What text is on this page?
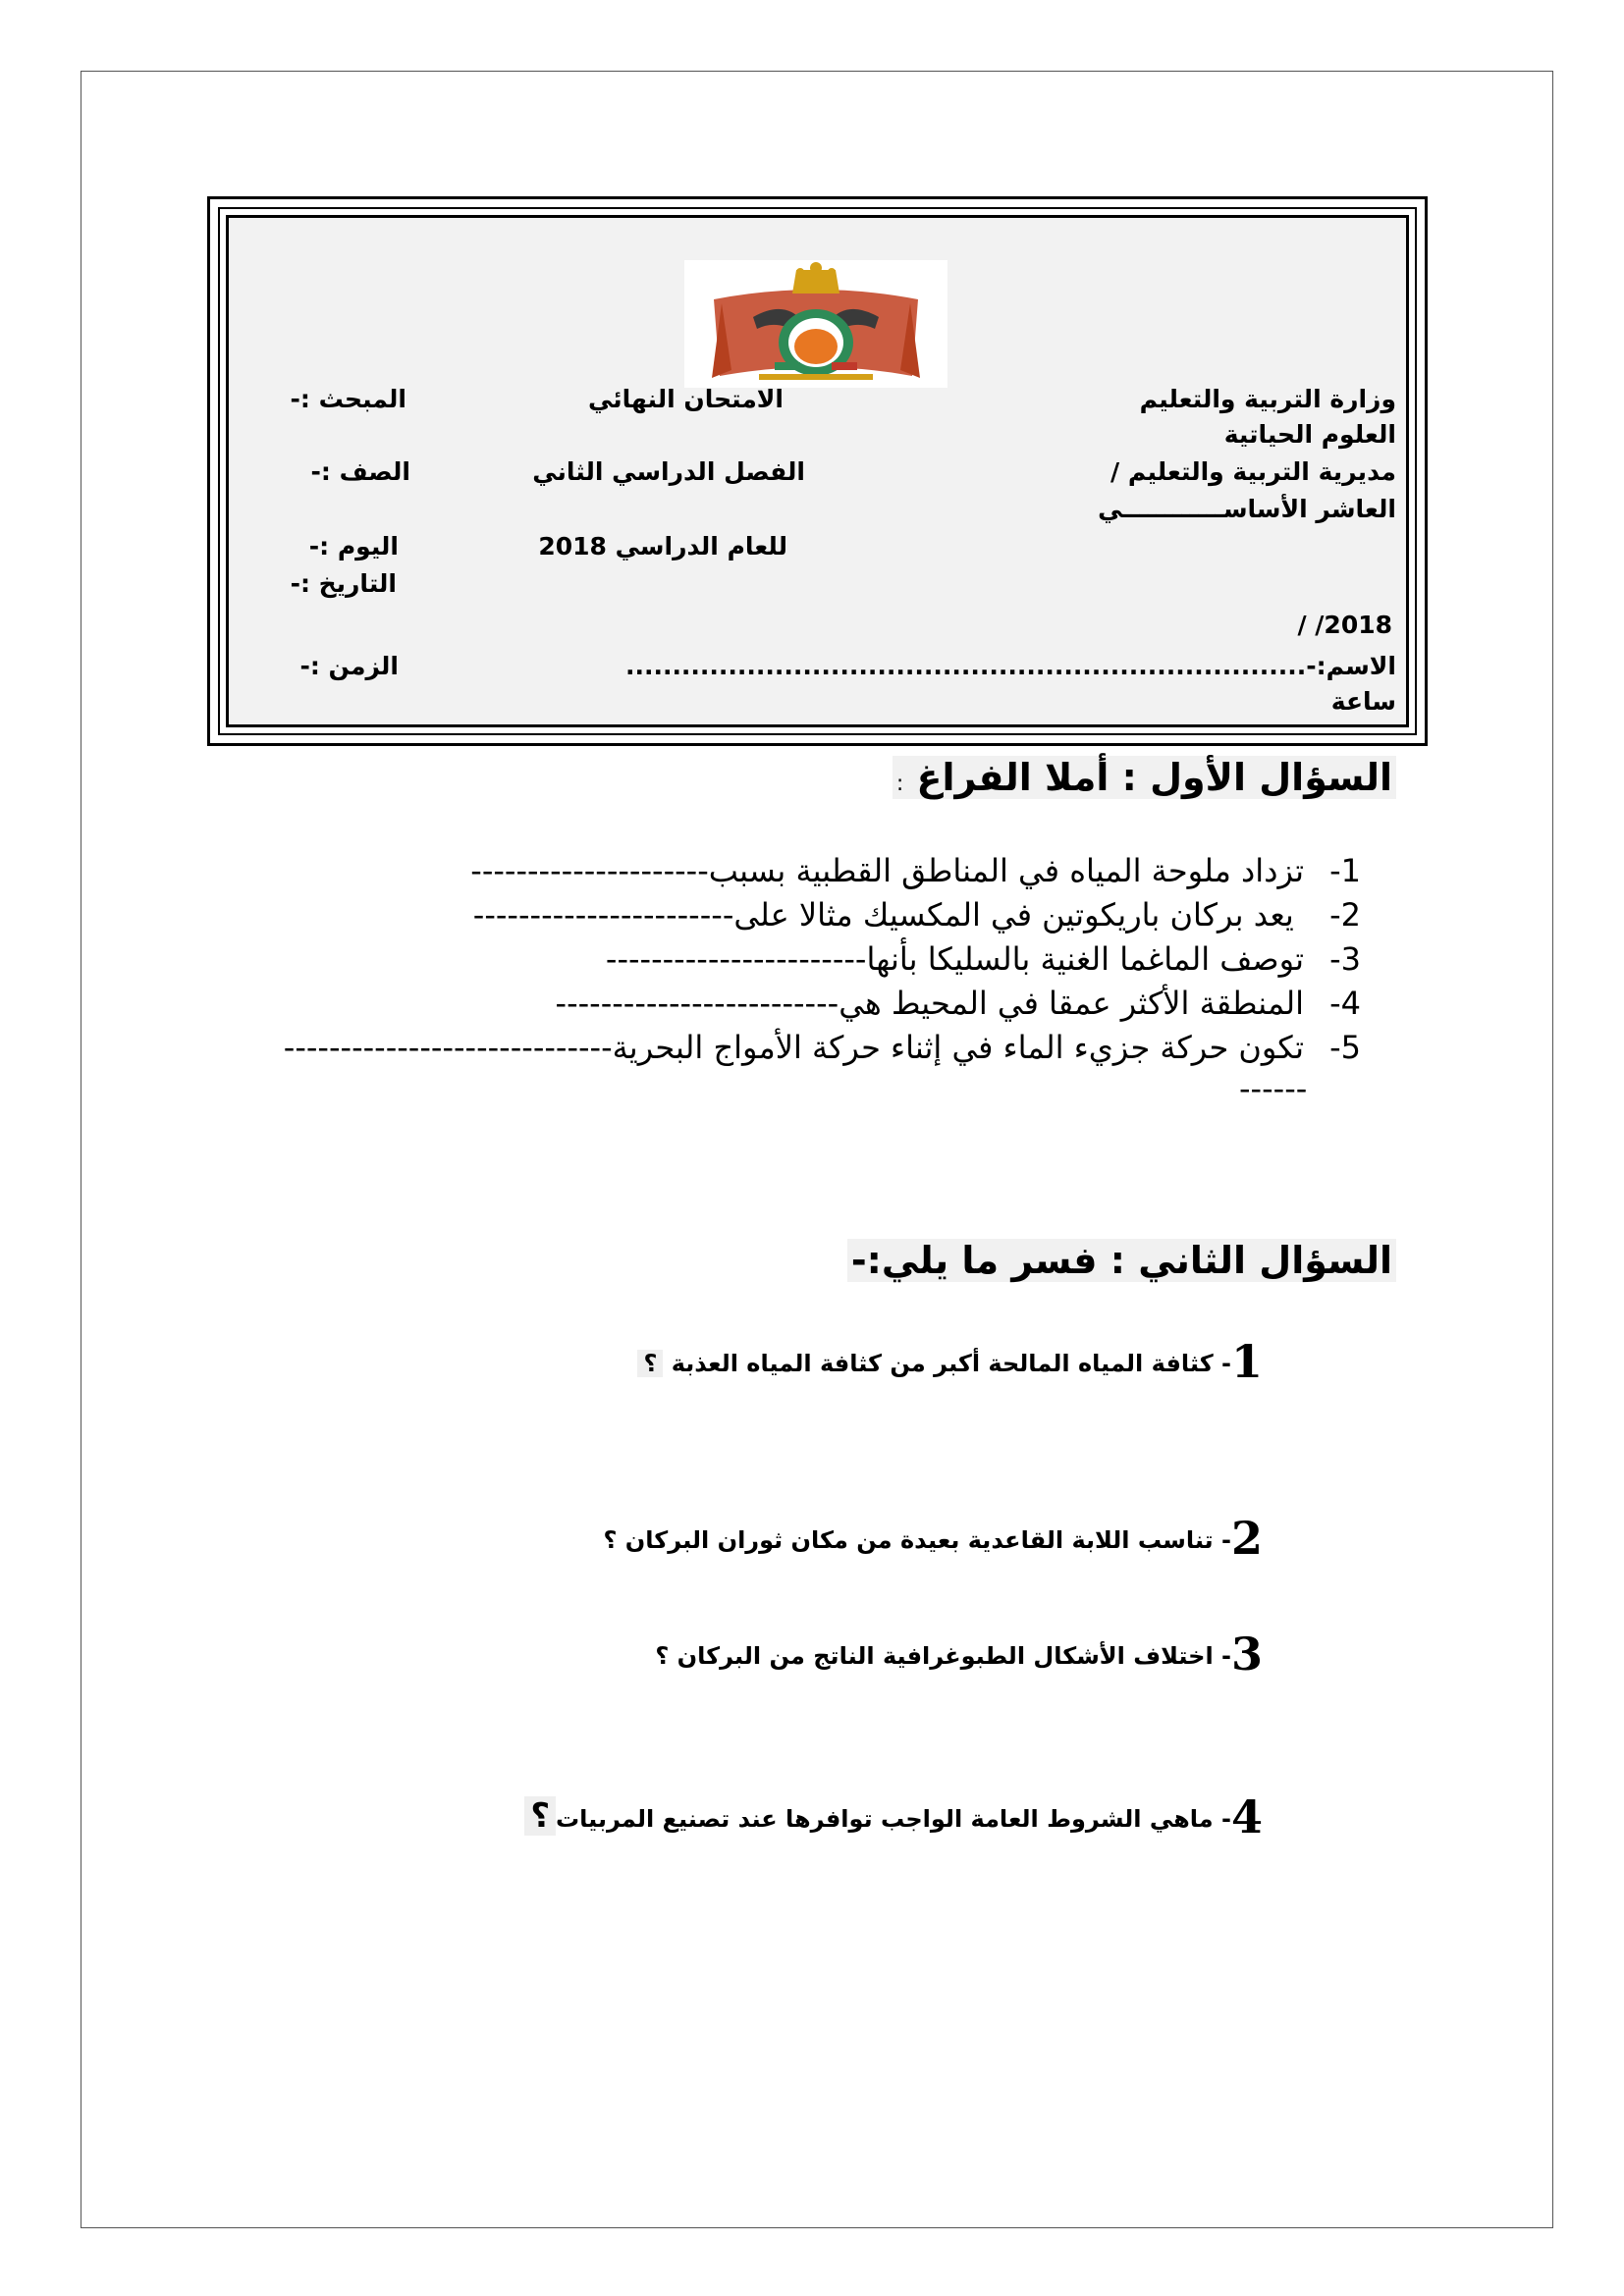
وزارة التربية والتعليم
العلوم الحياتية
مديرية التربية والتعليم /
العاشر الأساســــــــــــي
/ /2018
الاسم:-.........................................................................
ساعة
الامتحان النهائي
الفصل الدراسي الثاني
للعام الدراسي 2018
المبحث :-
الصف :-
اليوم :-
التاريخ :-
الزمن :-
السؤال الأول : أملا الفراغ :
1-تزداد ملوحة المياه في المناطق القطبية بسبب---------------------
2- يعد بركان باريكوتين في المكسيك مثالا على-----------------------
3-توصف الماغما الغنية بالسليكا بأنها-----------------------
4-المنطقة الأكثر عمقا في المحيط هي-------------------------
5-تكون حركة جزيء الماء في إثناء حركة الأمواج البحرية-----------------------------
------
السؤال الثاني : فسر ما يلي:-
1- كثافة المياه المالحة أكبر من كثافة المياه العذبة ؟
2- تناسب اللابة القاعدية بعيدة من مكان ثوران البركان ؟
3- اختلاف الأشكال الطبوغرافية الناتج من البركان ؟
4- ماهي الشروط العامة الواجب توافرها عند تصنيع المربيات؟
